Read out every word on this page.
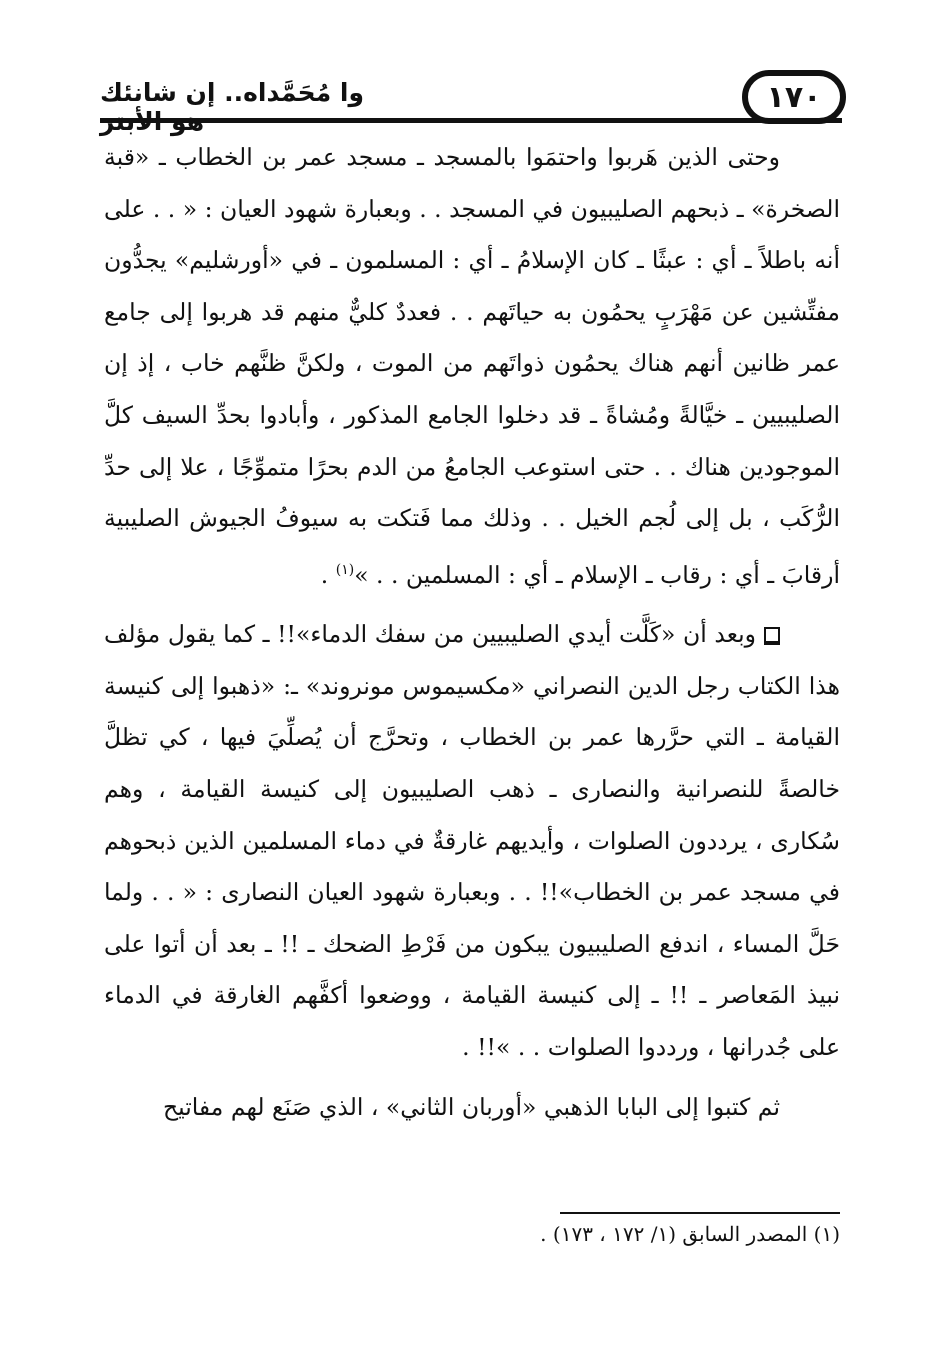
وا مُحَمَّداه.. إن شانئك	١٧٠

وحتى الذين هَربوا واحتمَوا بالمسجد ـ مسجد عمر بن الخطاب ـ «قبة الصخرة» ـ ذبحهم الصليبيون في المسجد . . وبعبارة شهود العيان : « . . على أنه باطلاً ـ أي : عبثًا ـ كان الإسلامُ ـ أي : المسلمون ـ في «أورشليم» يجدُّون مفتِّشين عن مَهْرَبٍ يحمُون به حياتَهم . . فعددٌ كليٌّ منهم قد هربوا إلى جامع عمر ظانين أنهم هناك يحمُون ذواتَهم من الموت ، ولكنَّ ظنَّهم خاب ، إذ إن الصليبيين ـ خيَّالةً ومُشاةً ـ قد دخلوا الجامع المذكور ، وأبادوا بحدِّ السيف كلَّ الموجودين هناك . . حتى استوعب الجامعُ من الدم بحرًا متموِّجًا ، علا إلى حدِّ الرُّكَب ، بل إلى لُجم الخيل . . وذلك مما فَتكت به سيوفُ الجيوش الصليبية أرقابَ ـ أي : رقاب ـ الإسلام ـ أي : المسلمين . . »$^{(١)}$ .

وبعد أن «كَلَّت أيدي الصليبيين من سفك الدماء»!! ـ كما يقول مؤلف هذا الكتاب رجل الدين النصراني «مكسيموس مونروند» ـ: «ذهبوا إلى كنيسة القيامة ـ التي حرَّرها عمر بن الخطاب ، وتحرَّج أن يُصلِّيَ فيها ، كي تظلَّ خالصةً للنصرانية والنصارى ـ ذهب الصليبيون إلى كنيسة القيامة ، وهم سُكارى ، يرددون الصلوات ، وأيديهم غارقةٌ في دماء المسلمين الذين ذبحوهم في مسجد عمر بن الخطاب»!! . . وبعبارة شهود العيان النصارى : « . . ولما حَلَّ المساء ، اندفع الصليبيون يبكون من فَرْطِ الضحك ـ !! ـ بعد أن أتوا على نبيذ المَعاصر ـ !! ـ إلى كنيسة القيامة ، ووضعوا أكفَّهم الغارقة في الدماء على جُدرانها ، ورددوا الصلوات . . »!! .

ثم كتبوا إلى البابا الذهبي «أوربان الثاني» ، الذي صَنَع لهم مفاتيح

(١) المصدر السابق (١/ ١٧٢ ، ١٧٣) .
